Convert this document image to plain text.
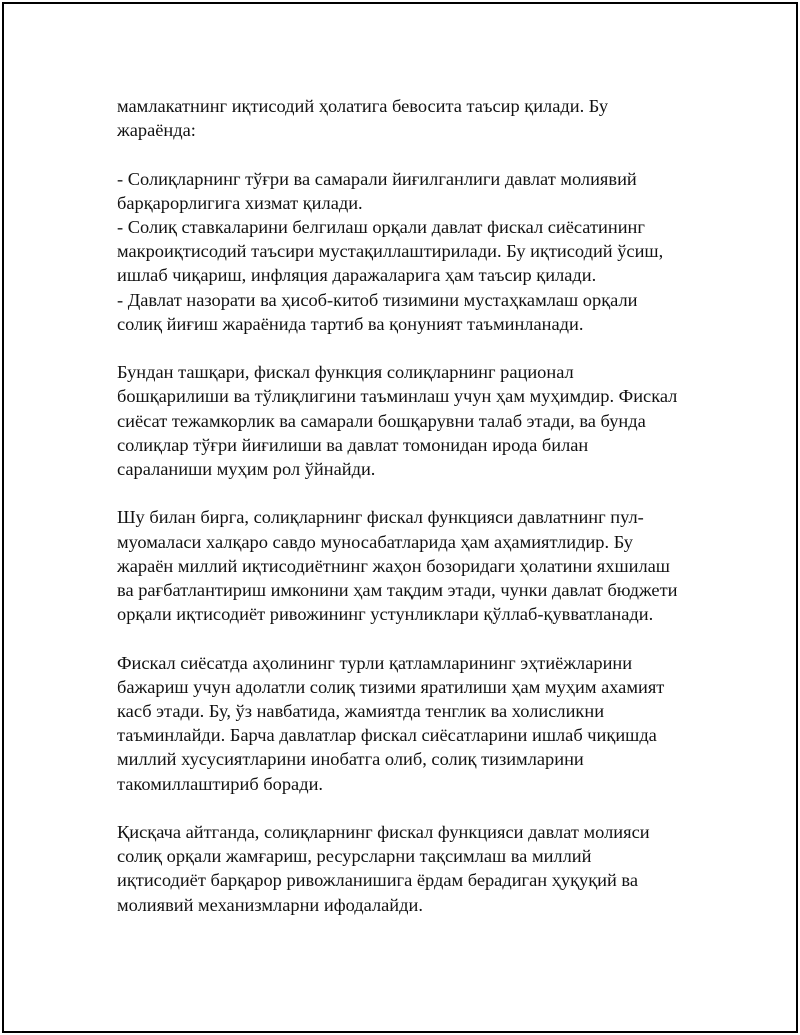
мамлакатнинг иқтисодий ҳолатига бевосита таъсир қилади. Бу
жараёнда:

- Солиқларнинг тўғри ва самарали йиғилганлиги давлат молиявий
барқарорлигига хизмат қилади.
- Солиқ ставкаларини белгилаш орқали давлат фискал сиёсатининг
макроиқтисодий таъсири мустақиллаштирилади. Бу иқтисодий ўсиш,
ишлаб чиқариш, инфляция даражаларига ҳам таъсир қилади.
- Давлат назорати ва ҳисоб-китоб тизимини мустаҳкамлаш орқали
солиқ йиғиш жараёнида тартиб ва қонуният таъминланади.

Бундан ташқари, фискал функция солиқларнинг рационал
бошқарилиши ва тўлиқлигини таъминлаш учун ҳам муҳимдир. Фискал
сиёсат тежамкорлик ва самарали бошқарувни талаб этади, ва бунда
солиқлар тўғри йиғилиши ва давлат томонидан ирода билан
сараланиши муҳим рол ўйнайди.

Шу билан бирга, солиқларнинг фискал функцияси давлатнинг пул-
муомаласи халқаро савдо муносабатларида ҳам аҳамиятлидир. Бу
жараён миллий иқтисодиётнинг жаҳон бозоридаги ҳолатини яхшилаш
ва рағбатлантириш имконини ҳам тақдим этади, чунки давлат бюджети
орқали иқтисодиёт ривожининг устунликлари қўллаб-қувватланади.

Фискал сиёсатда аҳолининг турли қатламларининг эҳтиёжларини
бажариш учун адолатли солиқ тизими яратилиши ҳам муҳим ахамият
касб этади. Бу, ўз навбатида, жамиятда тенглик ва холисликни
таъминлайди. Барча давлатлар фискал сиёсатларини ишлаб чиқишда
миллий хусусиятларини инобатга олиб, солиқ тизимларини
такомиллаштириб боради.

Қисқача айтганда, солиқларнинг фискал функцияси давлат молияси
солиқ орқали жамғариш, ресурсларни тақсимлаш ва миллий
иқтисодиёт барқарор ривожланишига ёрдам берадиган ҳуқуқий ва
молиявий механизмларни ифодалайди.
